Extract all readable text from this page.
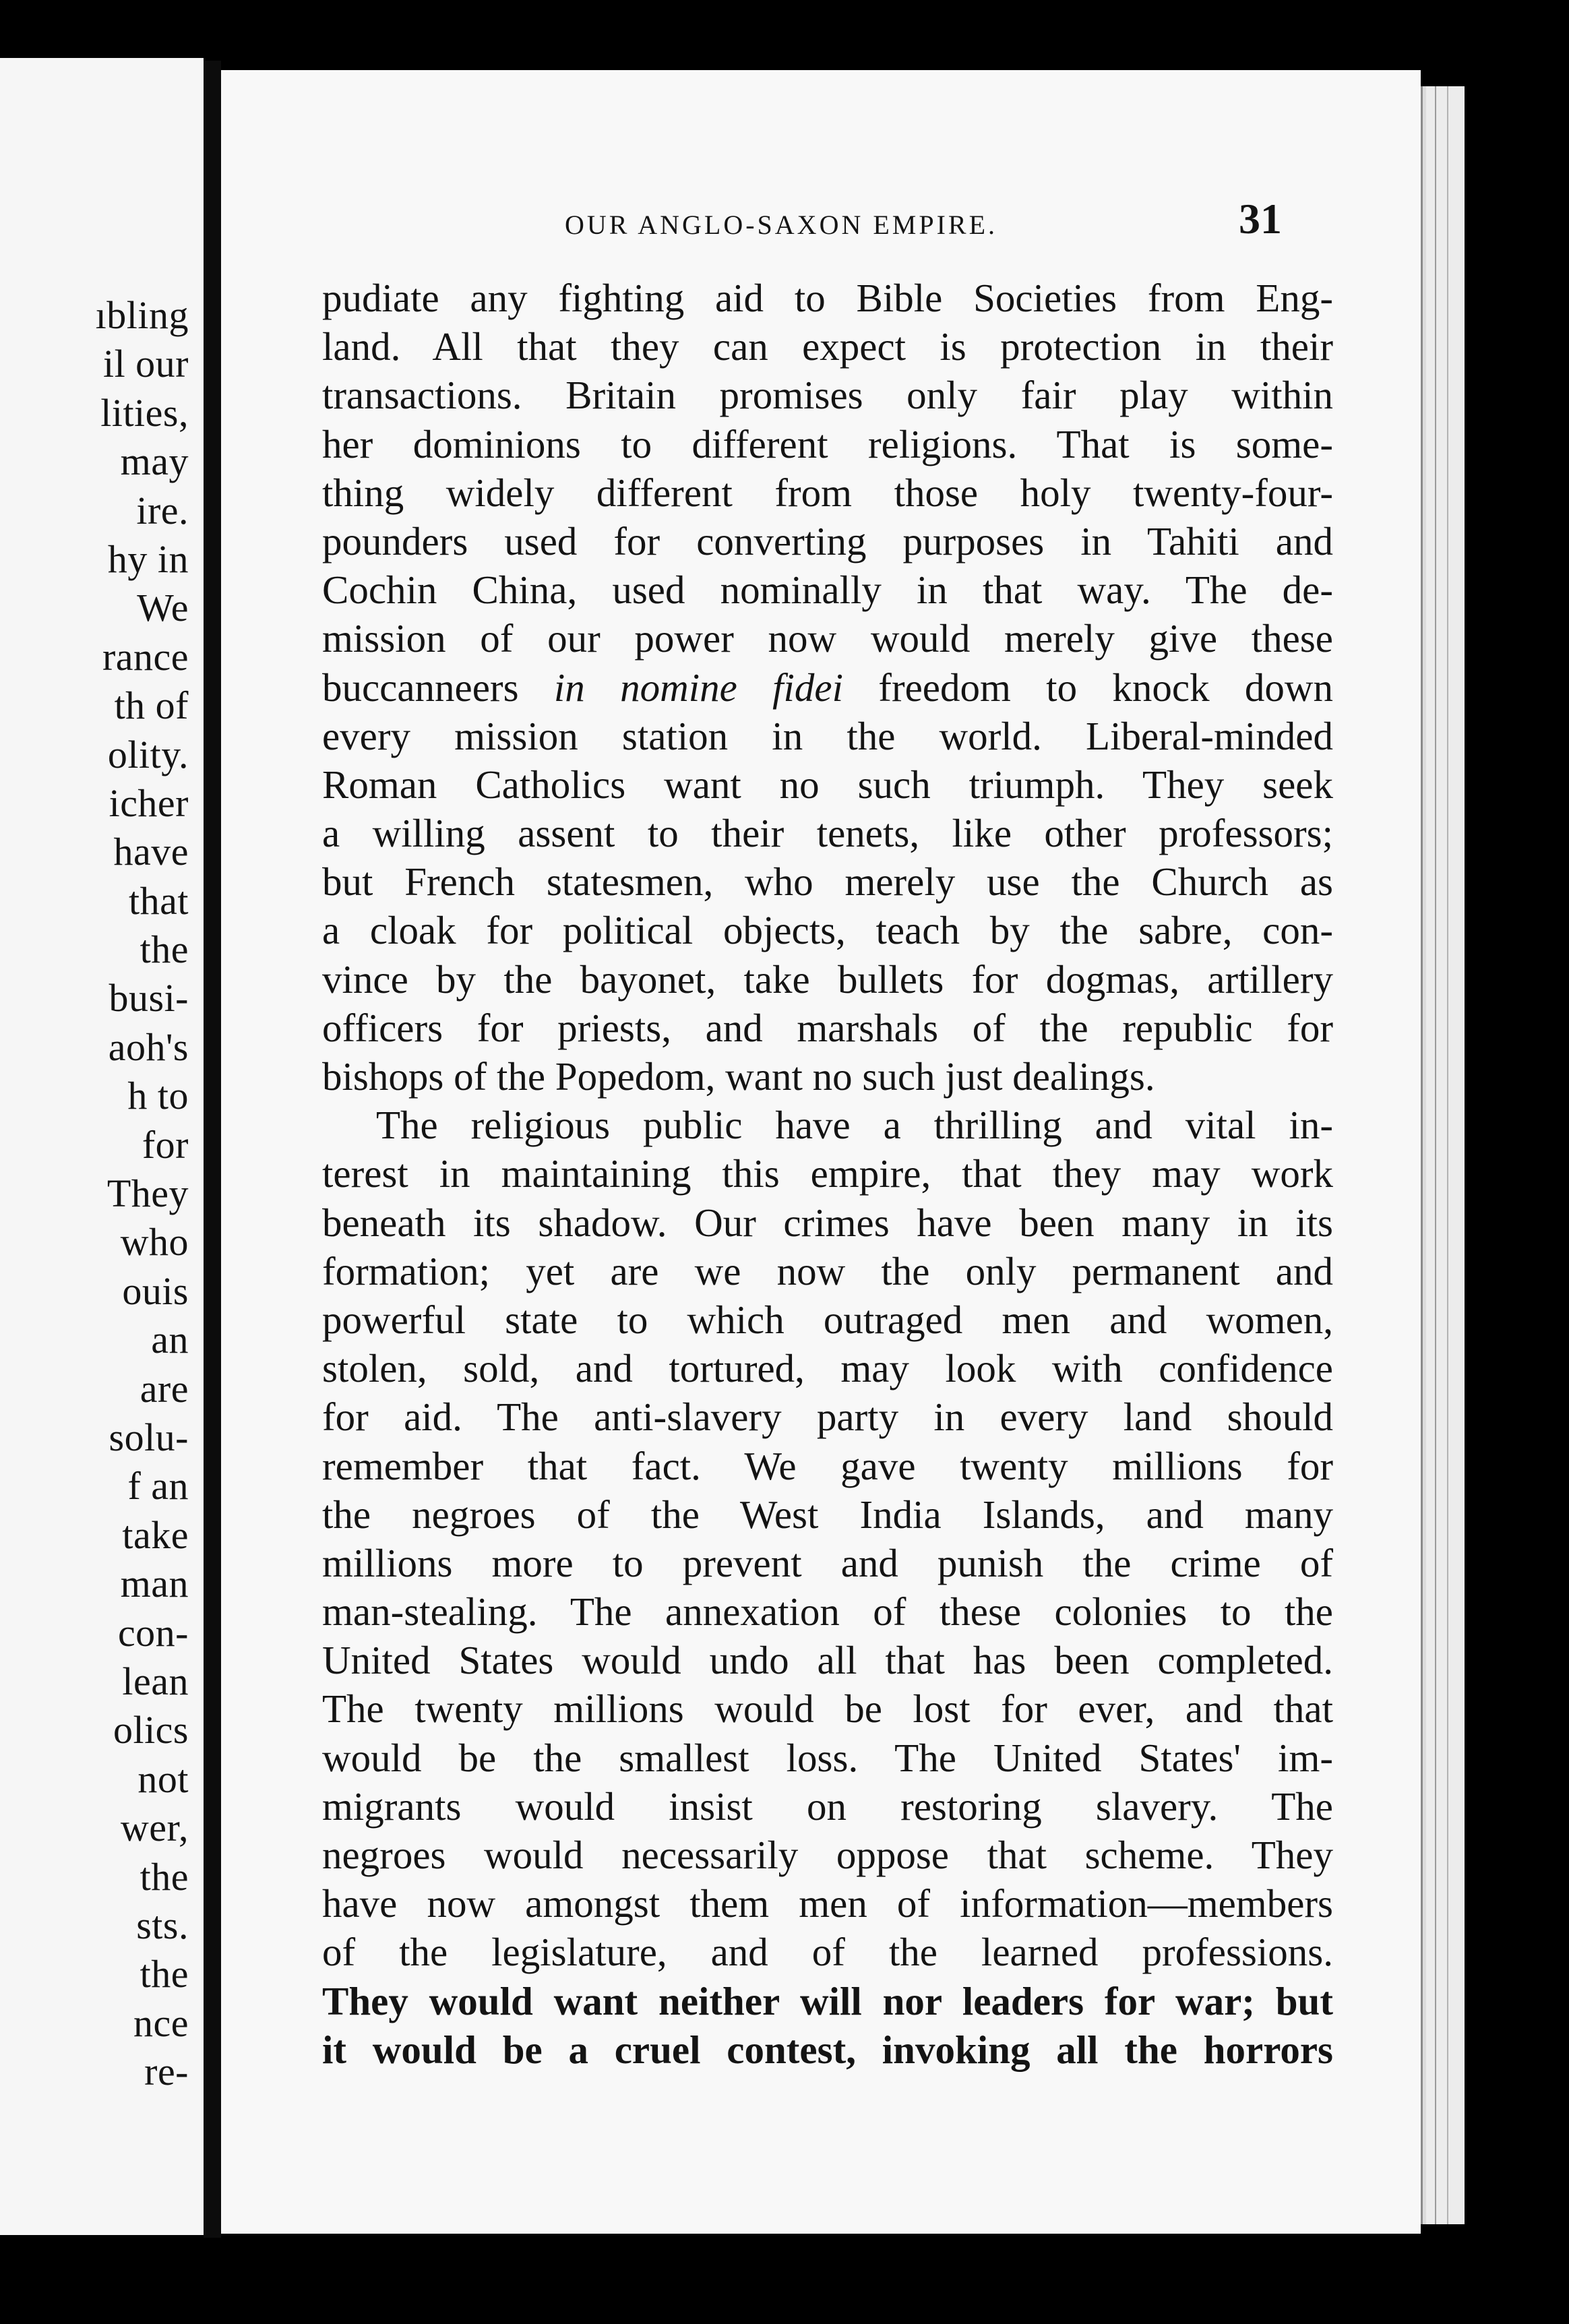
ıbling
il our
lities,
may
ire.
hy in
We
rance
th of
olity.
icher
have
that
the
busi-
aoh's
h to
for
They
who
ouis
an
are
solu-
f an
take
man
con-
lean
olics
not
wer,
the
sts.
the
nce
re-
OUR ANGLO-SAXON EMPIRE.	31
pudiate any fighting aid to Bible Societies from Eng-
land. All that they can expect is protection in their
transactions. Britain promises only fair play within
her dominions to different religions. That is some-
thing widely different from those holy twenty-four-
pounders used for converting purposes in Tahiti and
Cochin China, used nominally in that way. The de-
mission of our power now would merely give these
buccanneers in nomine fidei freedom to knock down
every mission station in the world. Liberal-minded
Roman Catholics want no such triumph. They seek
a willing assent to their tenets, like other professors;
but French statesmen, who merely use the Church as
a cloak for political objects, teach by the sabre, con-
vince by the bayonet, take bullets for dogmas, artillery
officers for priests, and marshals of the republic for
bishops of the Popedom, want no such just dealings.
The religious public have a thrilling and vital in-
terest in maintaining this empire, that they may work
beneath its shadow. Our crimes have been many in its
formation; yet are we now the only permanent and
powerful state to which outraged men and women,
stolen, sold, and tortured, may look with confidence
for aid. The anti-slavery party in every land should
remember that fact. We gave twenty millions for
the negroes of the West India Islands, and many
millions more to prevent and punish the crime of
man-stealing. The annexation of these colonies to the
United States would undo all that has been completed.
The twenty millions would be lost for ever, and that
would be the smallest loss. The United States' im-
migrants would insist on restoring slavery. The
negroes would necessarily oppose that scheme. They
have now amongst them men of information—members
of the legislature, and of the learned professions.
They would want neither will nor leaders for war; but
it would be a cruel contest, invoking all the horrors
